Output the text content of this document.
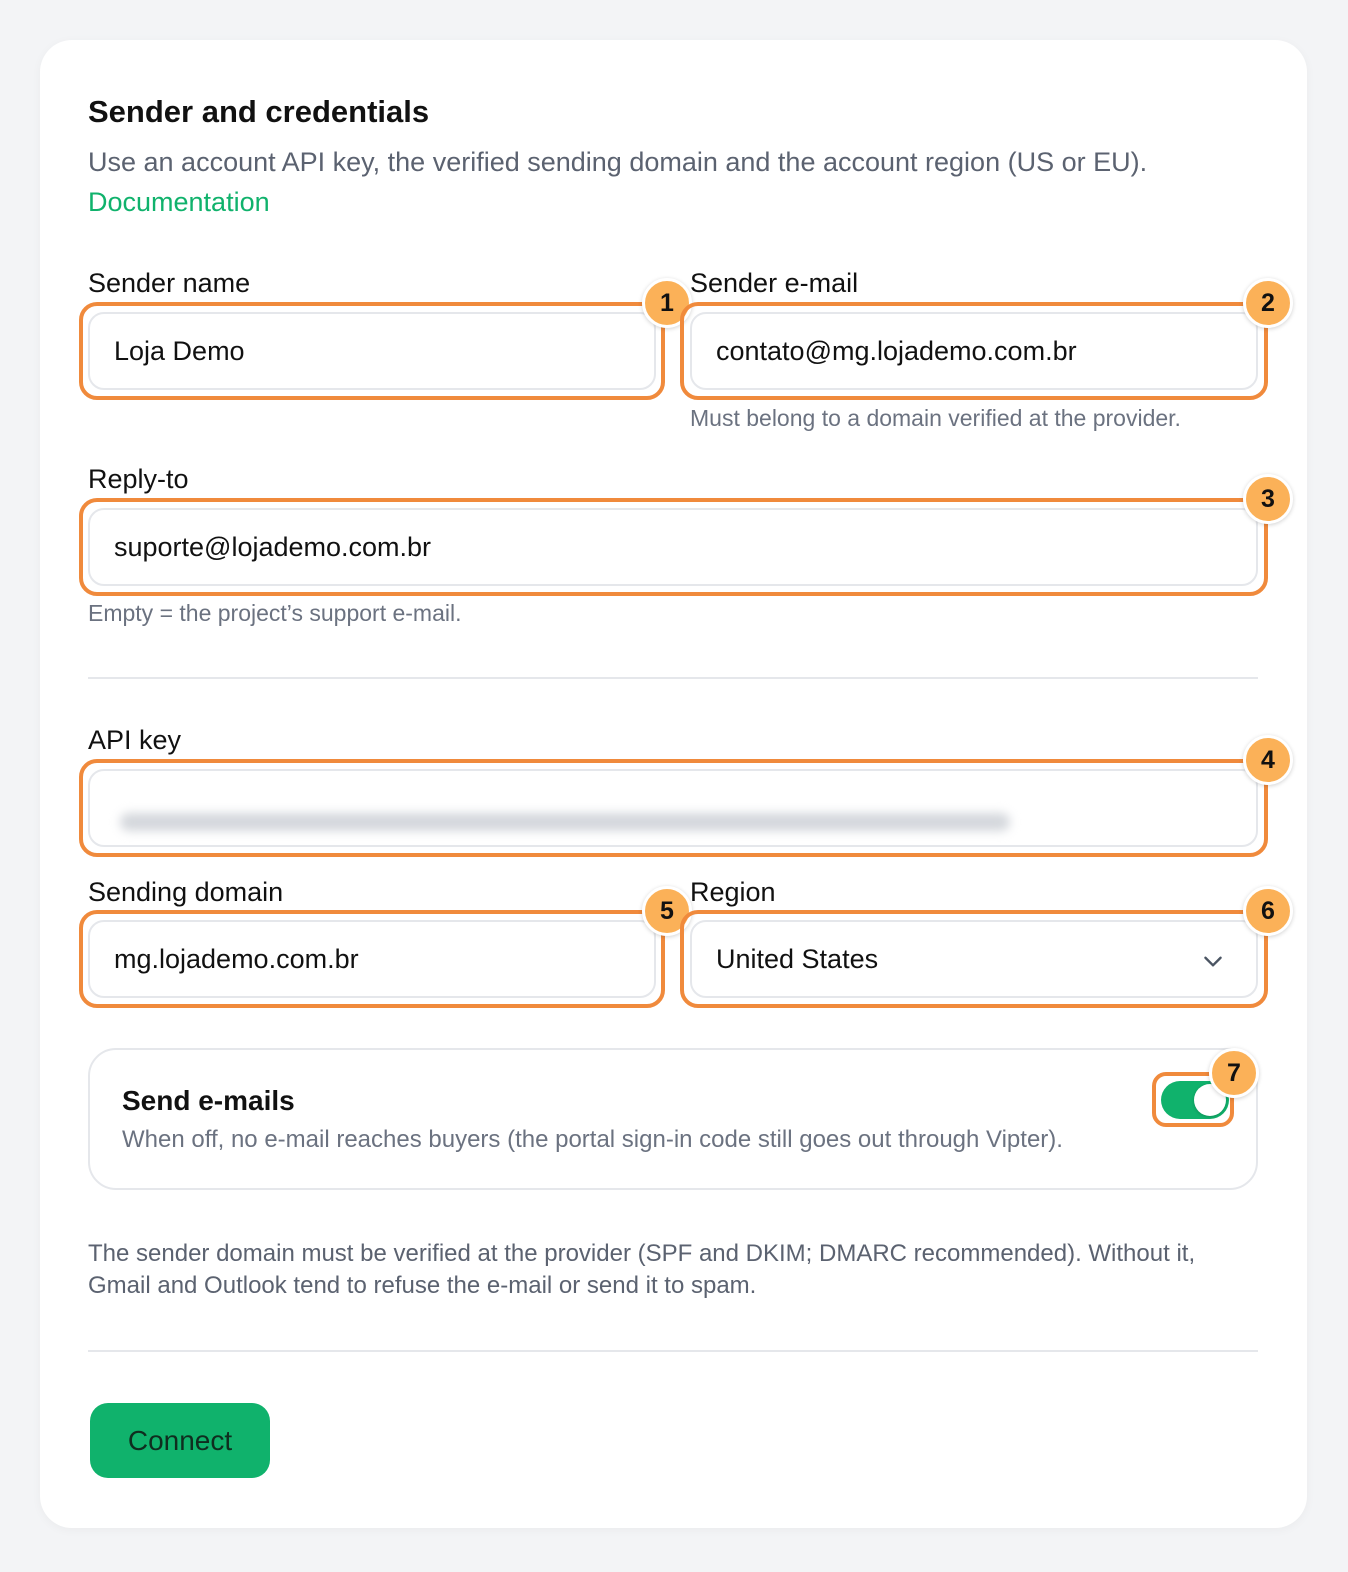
Sender and credentials
Use an account API key, the verified sending domain and the account region (US or EU).
Documentation
Sender name
Loja Demo
1
Sender e-mail
contato@mg.lojademo.com.br
2
Must belong to a domain verified at the provider.
Reply-to
suporte@lojademo.com.br
3
Empty = the project’s support e-mail.
API key
4
Sending domain
mg.lojademo.com.br
5
Region
United States
6
Send e-mails
When off, no e-mail reaches buyers (the portal sign-in code still goes out through Vipter).
7
The sender domain must be verified at the provider (SPF and DKIM; DMARC recommended). Without it, Gmail and Outlook tend to refuse the e-mail or send it to spam.
Connect
